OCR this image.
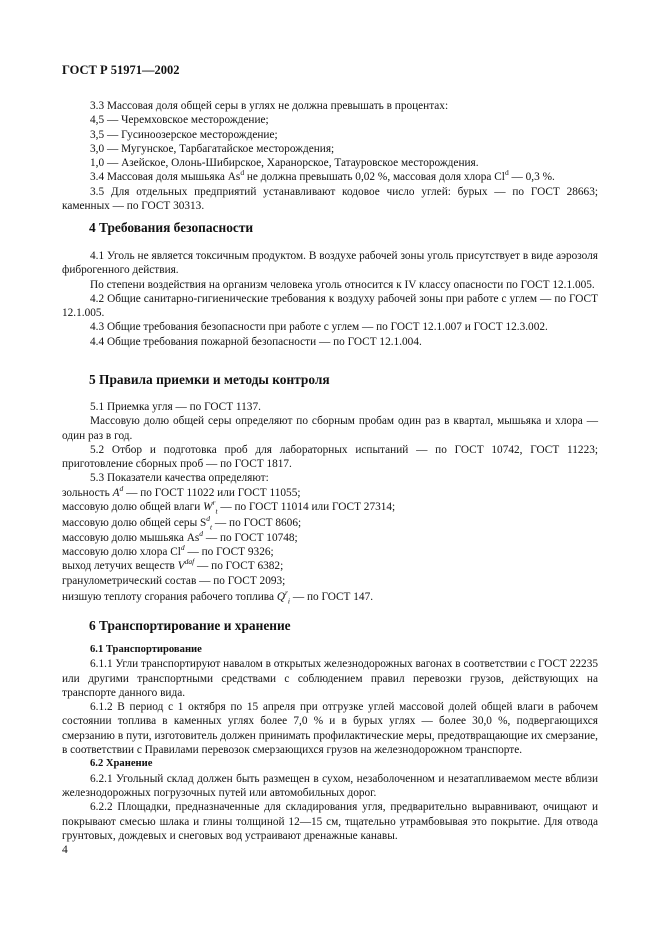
ГОСТ Р 51971—2002

3.3 Массовая доля общей серы в углях не должна превышать в процентах:

4,5 — Черемховское месторождение;

3,5 — Гусиноозерское месторождение;

3,0 — Мугунское, Тарбагатайское месторождения;

1,0 — Азейское, Олонь-Шибирское, Харанорское, Татауровское месторождения.

3.4 Массовая доля мышьяка As$^d$ не должна превышать 0,02 %, массовая доля хлора Cl$^d$ — 0,3 %.

3.5 Для отдельных предприятий устанавливают кодовое число углей: бурых — по ГОСТ 28663; каменных — по ГОСТ 30313.

4 Требования безопасности

4.1 Уголь не является токсичным продуктом. В воздухе рабочей зоны уголь присутствует в виде аэрозоля фиброгенного действия.

По степени воздействия на организм человека уголь относится к IV классу опасности по ГОСТ 12.1.005.

4.2 Общие санитарно-гигиенические требования к воздуху рабочей зоны при работе с углем — по ГОСТ 12.1.005.

4.3 Общие требования безопасности при работе с углем — по ГОСТ 12.1.007 и ГОСТ 12.3.002.

4.4 Общие требования пожарной безопасности — по ГОСТ 12.1.004.

5 Правила приемки и методы контроля

5.1 Приемка угля — по ГОСТ 1137.

Массовую долю общей серы определяют по сборным пробам один раз в квартал, мышьяка и хлора — один раз в год.

5.2 Отбор и подготовка проб для лабораторных испытаний — по ГОСТ 10742, ГОСТ 11223; приготовление сборных проб — по ГОСТ 1817.

5.3 Показатели качества определяют:

зольность $A^d$ — по ГОСТ 11022 или ГОСТ 11055;

массовую долю общей влаги $W^r_t$ — по ГОСТ 11014 или ГОСТ 27314;

массовую долю общей серы $S^d_t$ — по ГОСТ 8606;

массовую долю мышьяка As$^d$ — по ГОСТ 10748;

массовую долю хлора Cl$^d$ — по ГОСТ 9326;

выход летучих веществ $V^{daf}$ — по ГОСТ 6382;

гранулометрический состав — по ГОСТ 2093;

низшую теплоту сгорания рабочего топлива $Q^r_i$ — по ГОСТ 147.

6 Транспортирование и хранение

6.1 Транспортирование

6.1.1 Угли транспортируют навалом в открытых железнодорожных вагонах в соответствии с ГОСТ 22235 или другими транспортными средствами с соблюдением правил перевозки грузов, действующих на транспорте данного вида.

6.1.2 В период с 1 октября по 15 апреля при отгрузке углей массовой долей общей влаги в рабочем состоянии топлива в каменных углях более 7,0 % и в бурых углях — более 30,0 %, подвергающихся смерзанию в пути, изготовитель должен принимать профилактические меры, предотвращающие их смерзание, в соответствии с Правилами перевозок смерзающихся грузов на железнодорожном транспорте.

6.2 Хранение

6.2.1 Угольный склад должен быть размещен в сухом, незаболоченном и незатапливаемом месте вблизи железнодорожных погрузочных путей или автомобильных дорог.

6.2.2 Площадки, предназначенные для складирования угля, предварительно выравнивают, очищают и покрывают смесью шлака и глины толщиной 12—15 см, тщательно утрамбовывая это покрытие. Для отвода грунтовых, дождевых и снеговых вод устраивают дренажные канавы.

4
